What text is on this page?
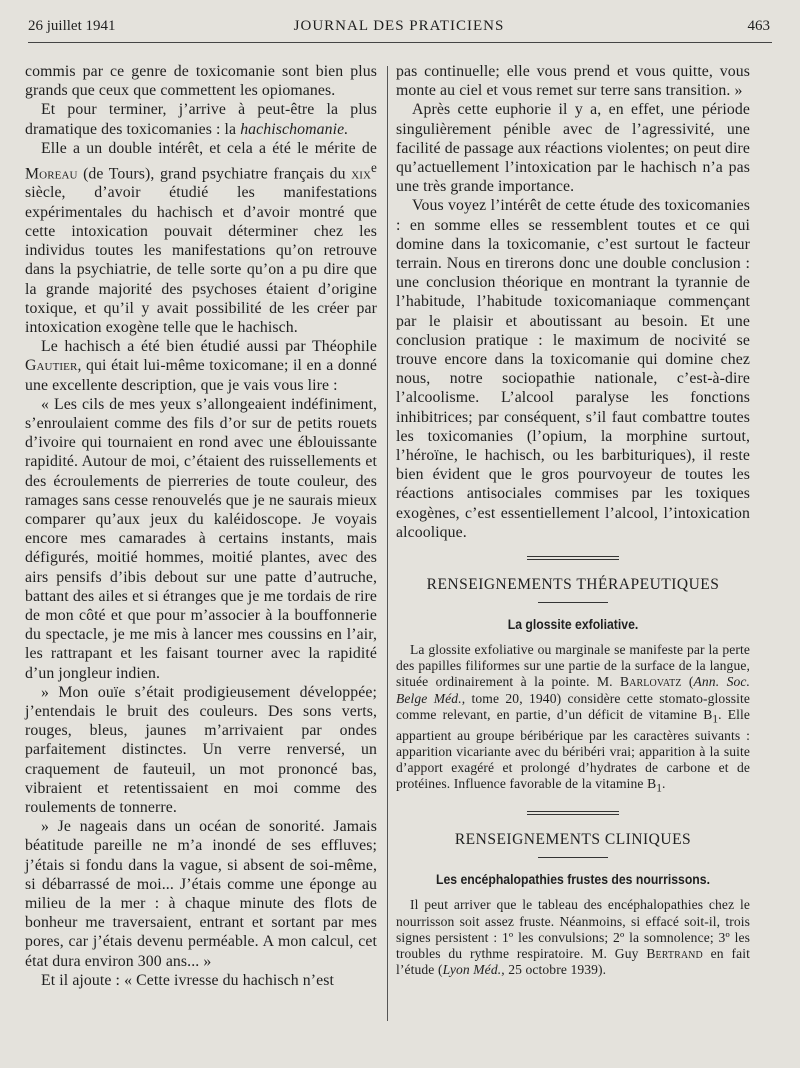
26 juillet 1941	JOURNAL DES PRATICIENS	463

commis par ce genre de toxicomanie sont bien plus grands que ceux que commettent les opiomanes.

Et pour terminer, j’arrive à peut-être la plus dramatique des toxicomanies : la hachischomanie.

Elle a un double intérêt, et cela a été le mérite de Moreau (de Tours), grand psychiatre français du xix$^e$ siècle, d’avoir étudié les manifestations expérimentales du hachisch et d’avoir montré que cette intoxication pouvait déterminer chez les individus toutes les manifestations qu’on retrouve dans la psychiatrie, de telle sorte qu’on a pu dire que la grande majorité des psychoses étaient d’origine toxique, et qu’il y avait possibilité de les créer par intoxication exogène telle que le hachisch.

Le hachisch a été bien étudié aussi par Théophile Gautier, qui était lui-même toxicomane; il en a donné une excellente description, que je vais vous lire :

« Les cils de mes yeux s’allongeaient indéfiniment, s’enroulaient comme des fils d’or sur de petits rouets d’ivoire qui tournaient en rond avec une éblouissante rapidité. Autour de moi, c’étaient des ruissellements et des écroulements de pierreries de toute couleur, des ramages sans cesse renouvelés que je ne saurais mieux comparer qu’aux jeux du kaléidoscope. Je voyais encore mes camarades à certains instants, mais défigurés, moitié hommes, moitié plantes, avec des airs pensifs d’ibis debout sur une patte d’autruche, battant des ailes et si étranges que je me tordais de rire de mon côté et que pour m’associer à la bouffonnerie du spectacle, je me mis à lancer mes coussins en l’air, les rattrapant et les faisant tourner avec la rapidité d’un jongleur indien.

» Mon ouïe s’était prodigieusement développée; j’entendais le bruit des couleurs. Des sons verts, rouges, bleus, jaunes m’arrivaient par ondes parfaitement distinctes. Un verre renversé, un craquement de fauteuil, un mot prononcé bas, vibraient et retentissaient en moi comme des roulements de tonnerre.

» Je nageais dans un océan de sonorité. Jamais béatitude pareille ne m’a inondé de ses effluves; j’étais si fondu dans la vague, si absent de soi-même, si débarrassé de moi... J’étais comme une éponge au milieu de la mer : à chaque minute des flots de bonheur me traversaient, entrant et sortant par mes pores, car j’étais devenu perméable. A mon calcul, cet état dura environ 300 ans... »

Et il ajoute : « Cette ivresse du hachisch n’est

pas continuelle; elle vous prend et vous quitte, vous monte au ciel et vous remet sur terre sans transition. »

Après cette euphorie il y a, en effet, une période singulièrement pénible avec de l’agressivité, une facilité de passage aux réactions violentes; on peut dire qu’actuellement l’intoxication par le hachisch n’a pas une très grande importance.

Vous voyez l’intérêt de cette étude des toxicomanies : en somme elles se ressemblent toutes et ce qui domine dans la toxicomanie, c’est surtout le facteur terrain. Nous en tirerons donc une double conclusion : une conclusion théorique en montrant la tyrannie de l’habitude, l’habitude toxicomaniaque commençant par le plaisir et aboutissant au besoin. Et une conclusion pratique : le maximum de nocivité se trouve encore dans la toxicomanie qui domine chez nous, notre sociopathie nationale, c’est-à-dire l’alcoolisme. L’alcool paralyse les fonctions inhibitrices; par conséquent, s’il faut combattre toutes les toxicomanies (l’opium, la morphine surtout, l’héroïne, le hachisch, ou les barbituriques), il reste bien évident que le gros pourvoyeur de toutes les réactions antisociales commises par les toxiques exogènes, c’est essentiellement l’alcool, l’intoxication alcoolique.

RENSEIGNEMENTS THÉRAPEUTIQUES
La glossite exfoliative.

La glossite exfoliative ou marginale se manifeste par la perte des papilles filiformes sur une partie de la surface de la langue, située ordinairement à la pointe. M. Barlovatz (Ann. Soc. Belge Méd., tome 20, 1940) considère cette stomato-glossite comme relevant, en partie, d’un déficit de vitamine $B_1$. Elle appartient au groupe béribérique par les caractères suivants : apparition vicariante avec du béribéri vrai; apparition à la suite d’apport exagéré et prolongé d’hydrates de carbone et de protéines. Influence favorable de la vitamine $B_1$.

RENSEIGNEMENTS CLINIQUES
Les encéphalopathies frustes des nourrissons.

Il peut arriver que le tableau des encéphalopathies chez le nourrisson soit assez fruste. Néanmoins, si effacé soit-il, trois signes persistent : 1º les convulsions; 2º la somnolence; 3º les troubles du rythme respiratoire. M. Guy Bertrand en fait l’étude (Lyon Méd., 25 octobre 1939).
